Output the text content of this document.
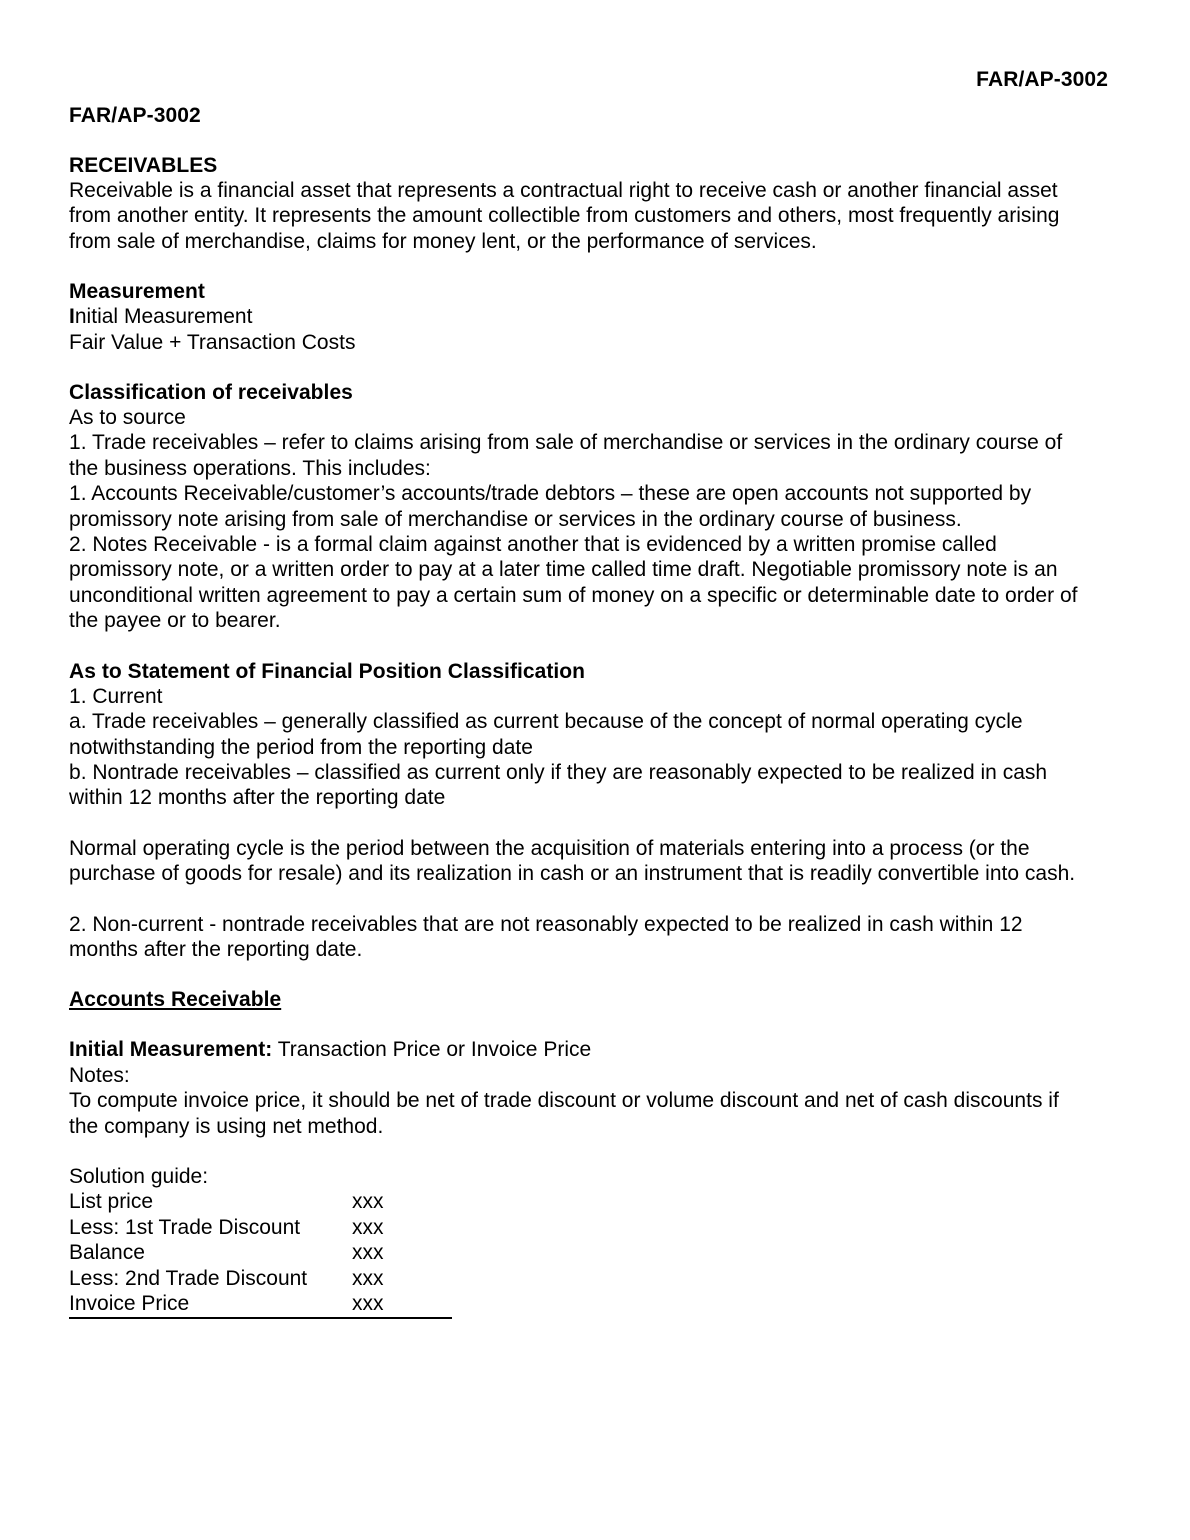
FAR/AP-3002
FAR/AP-3002
RECEIVABLES

Receivable is a financial asset that represents a contractual right to receive cash or another financial asset from another entity. It represents the amount collectible from customers and others, most frequently arising from sale of merchandise, claims for money lent, or the performance of services.

Measurement
Initial Measurement
Fair Value + Transaction Costs
Classification of receivables
As to source

1. Trade receivables – refer to claims arising from sale of merchandise or services in the ordinary course of the business operations. This includes:

1. Accounts Receivable/customer’s accounts/trade debtors – these are open accounts not supported by promissory note arising from sale of merchandise or services in the ordinary course of business.

2. Notes Receivable - is a formal claim against another that is evidenced by a written promise called promissory note, or a written order to pay at a later time called time draft. Negotiable promissory note is an unconditional written agreement to pay a certain sum of money on a specific or determinable date to order of the payee or to bearer.

As to Statement of Financial Position Classification
1. Current

a. Trade receivables – generally classified as current because of the concept of normal operating cycle notwithstanding the period from the reporting date

b. Nontrade receivables – classified as current only if they are reasonably expected to be realized in cash within 12 months after the reporting date

Normal operating cycle is the period between the acquisition of materials entering into a process (or the purchase of goods for resale) and its realization in cash or an instrument that is readily convertible into cash.

2. Non-current - nontrade receivables that are not reasonably expected to be realized in cash within 12 months after the reporting date.

Accounts Receivable
Initial Measurement: Transaction Price or Invoice Price
Notes:

To compute invoice price, it should be net of trade discount or volume discount and net of cash discounts if the company is using net method.

Solution guide:
List price	xxx
Less: 1st Trade Discount	xxx
Balance	xxx
Less: 2nd Trade Discount	xxx
Invoice Price	xxx
